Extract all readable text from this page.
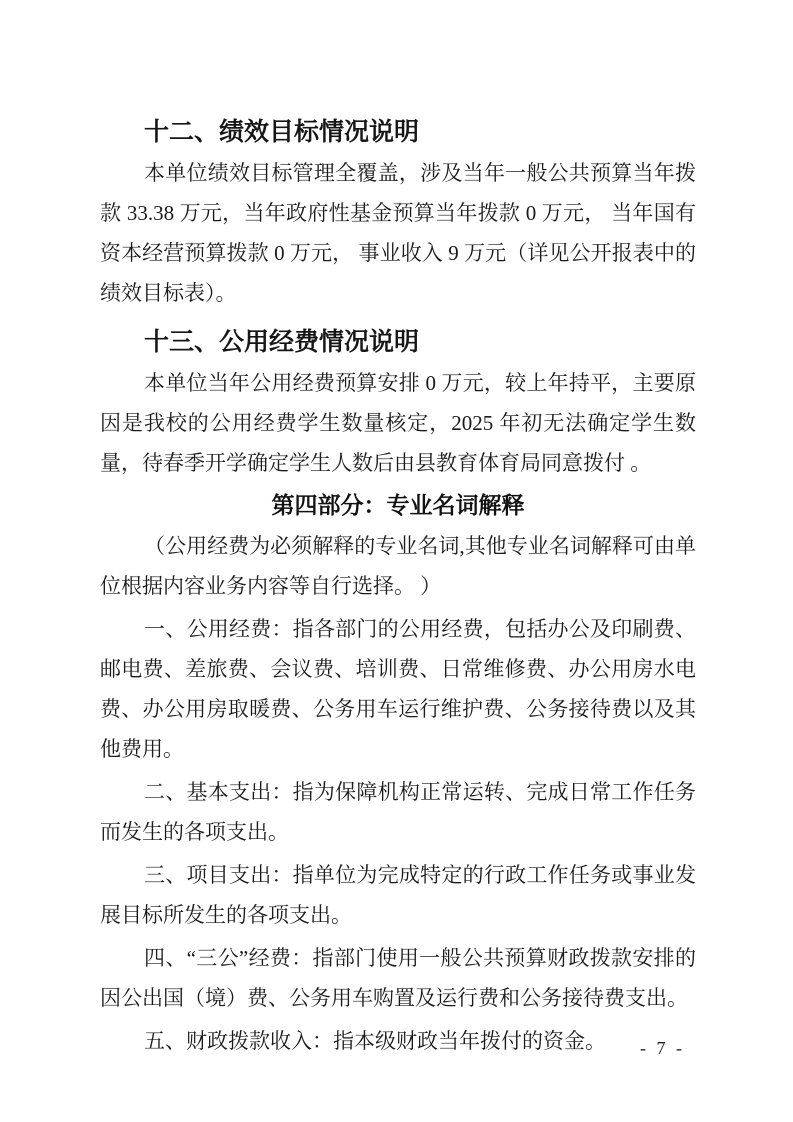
十二、绩效目标情况说明

本单位绩效目标管理全覆盖，涉及当年一般公共预算当年拨款 33.38 万元，当年政府性基金预算当年拨款 0 万元， 当年国有资本经营预算拨款 0 万元， 事业收入 9 万元（详见公开报表中的绩效目标表）。

十三、公用经费情况说明

本单位当年公用经费预算安排 0 万元，较上年持平，主要原因是我校的公用经费学生数量核定，2025 年初无法确定学生数量，待春季开学确定学生人数后由县教育体育局同意拨付 。

第四部分：专业名词解释

（公用经费为必须解释的专业名词,其他专业名词解释可由单位根据内容业务内容等自行选择。 ）

一、公用经费：指各部门的公用经费，包括办公及印刷费、邮电费、差旅费、会议费、培训费、日常维修费、办公用房水电费、办公用房取暖费、公务用车运行维护费、公务接待费以及其他费用。

二、基本支出：指为保障机构正常运转、完成日常工作任务而发生的各项支出。

三、项目支出：指单位为完成特定的行政工作任务或事业发展目标所发生的各项支出。

四、“三公”经费：指部门使用一般公共预算财政拨款安排的因公出国（境）费、公务用车购置及运行费和公务接待费支出。

五、财政拨款收入：指本级财政当年拨付的资金。	- 7 -
